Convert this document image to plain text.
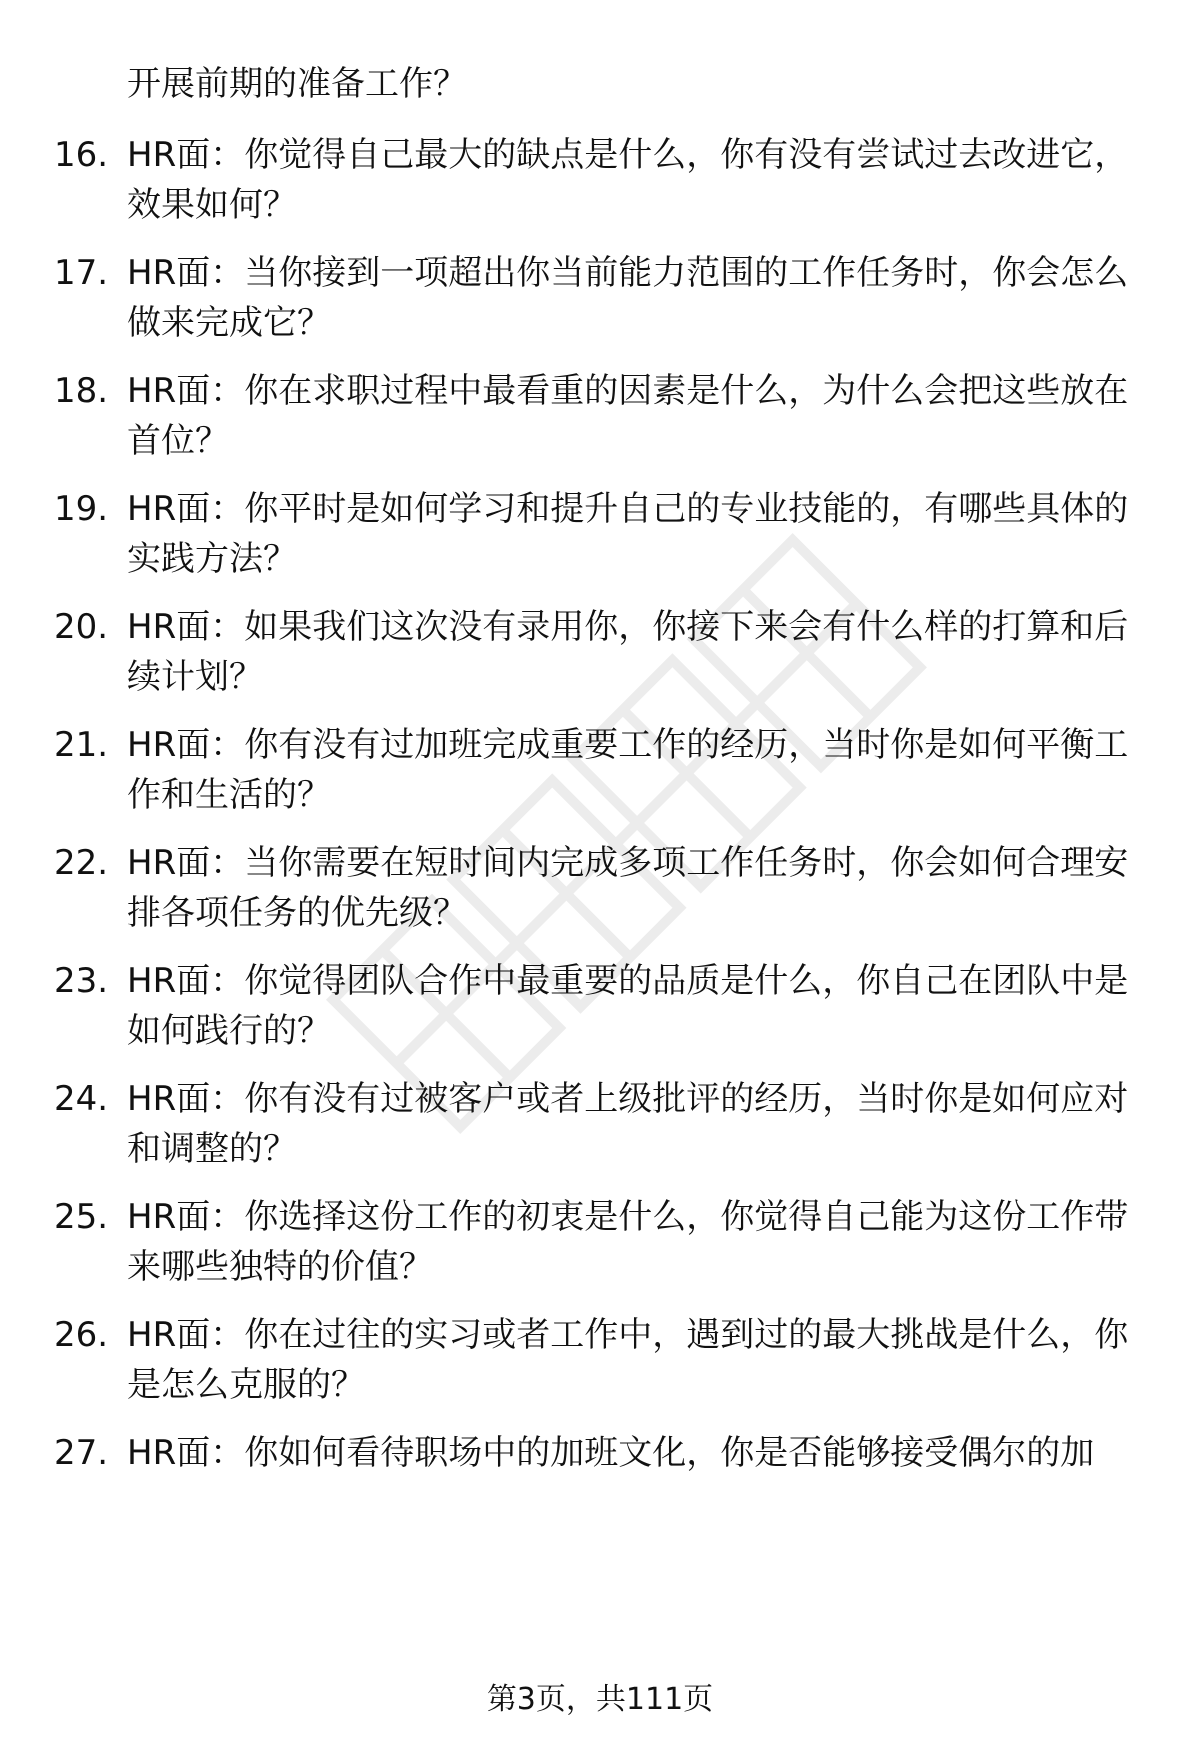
开展前期的准备工作？
16. HR面：你觉得自己最大的缺点是什么，你有没有尝试过去改进它，效果如何？
17. HR面：当你接到一项超出你当前能力范围的工作任务时，你会怎么做来完成它？
18. HR面：你在求职过程中最看重的因素是什么，为什么会把这些放在首位？
19. HR面：你平时是如何学习和提升自己的专业技能的，有哪些具体的实践方法？
20. HR面：如果我们这次没有录用你，你接下来会有什么样的打算和后续计划？
21. HR面：你有没有过加班完成重要工作的经历，当时你是如何平衡工作和生活的？
22. HR面：当你需要在短时间内完成多项工作任务时，你会如何合理安排各项任务的优先级？
23. HR面：你觉得团队合作中最重要的品质是什么，你自己在团队中是如何践行的？
24. HR面：你有没有过被客户或者上级批评的经历，当时你是如何应对和调整的？
25. HR面：你选择这份工作的初衷是什么，你觉得自己能为这份工作带来哪些独特的价值？
26. HR面：你在过往的实习或者工作中，遇到过的最大挑战是什么，你是怎么克服的？
27. HR面：你如何看待职场中的加班文化，你是否能够接受偶尔的加
第3页，共111页
